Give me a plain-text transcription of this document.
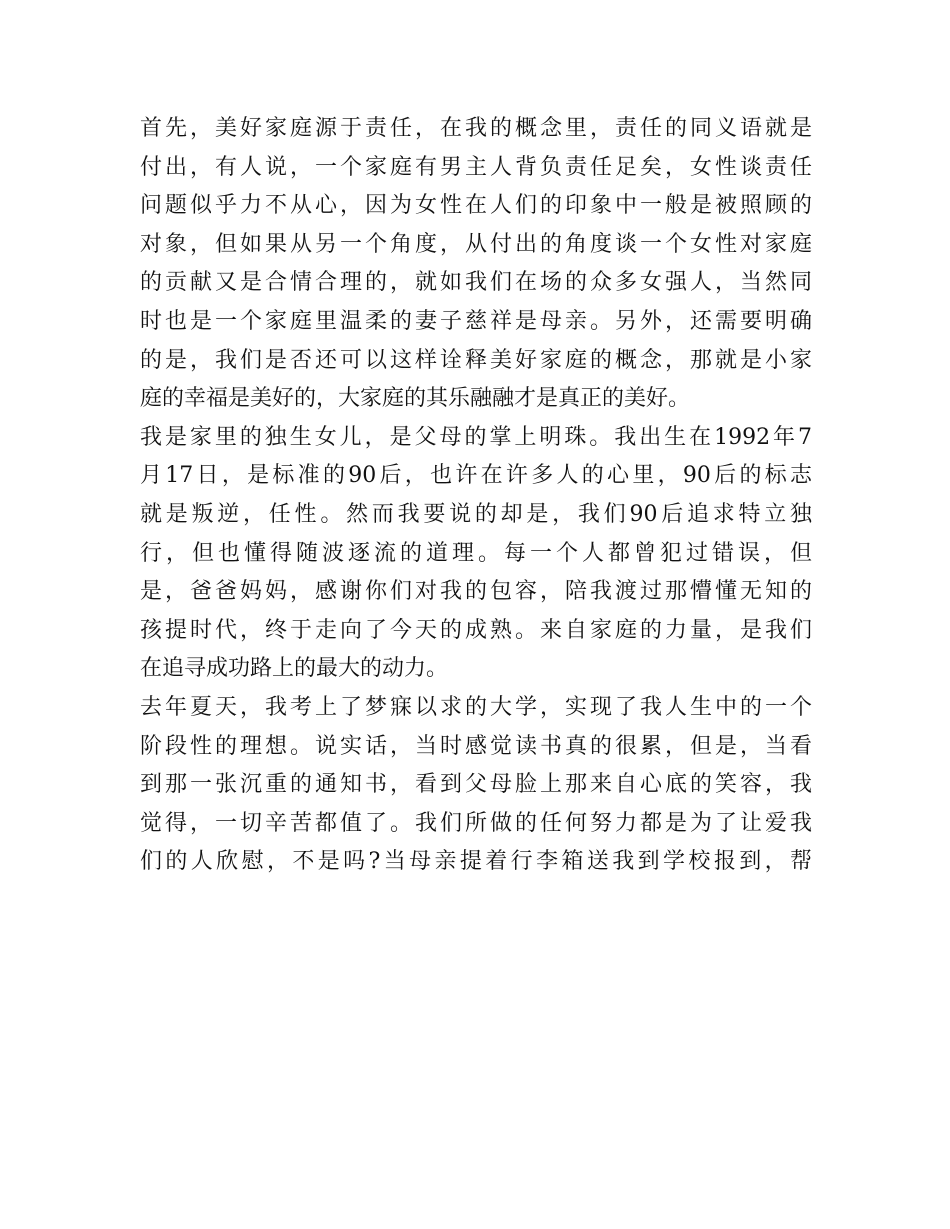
首先，美好家庭源于责任，在我的概念里，责任的同义语就是
付出，有人说，一个家庭有男主人背负责任足矣，女性谈责任
问题似乎力不从心，因为女性在人们的印象中一般是被照顾的
对象，但如果从另一个角度，从付出的角度谈一个女性对家庭
的贡献又是合情合理的，就如我们在场的众多女强人，当然同
时也是一个家庭里温柔的妻子慈祥是母亲。另外，还需要明确
的是，我们是否还可以这样诠释美好家庭的概念，那就是小家
庭的幸福是美好的，大家庭的其乐融融才是真正的美好。
我是家里的独生女儿，是父母的掌上明珠。我出生在1992年7
月17日，是标准的90后，也许在许多人的心里，90后的标志
就是叛逆，任性。然而我要说的却是，我们90后追求特立独
行，但也懂得随波逐流的道理。每一个人都曾犯过错误，但
是，爸爸妈妈，感谢你们对我的包容，陪我渡过那懵懂无知的
孩提时代，终于走向了今天的成熟。来自家庭的力量，是我们
在追寻成功路上的最大的动力。
去年夏天，我考上了梦寐以求的大学，实现了我人生中的一个
阶段性的理想。说实话，当时感觉读书真的很累，但是，当看
到那一张沉重的通知书，看到父母脸上那来自心底的笑容，我
觉得，一切辛苦都值了。我们所做的任何努力都是为了让爱我
们的人欣慰，不是吗?当母亲提着行李箱送我到学校报到，帮
